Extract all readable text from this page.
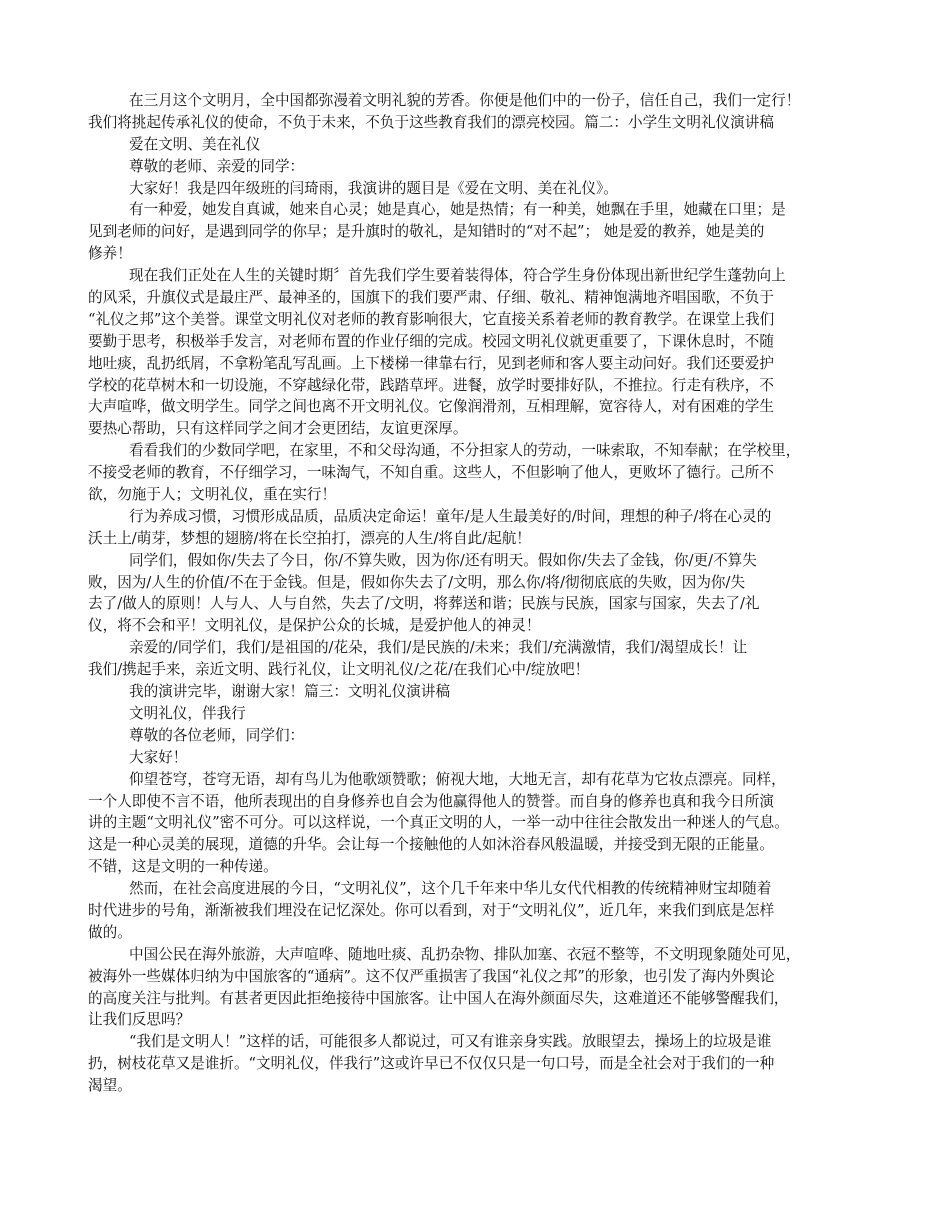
在三月这个文明月，全中国都弥漫着文明礼貌的芳香。你便是他们中的一份子，信任自己，我们一定行！
我们将挑起传承礼仪的使命，不负于未来，不负于这些教育我们的漂亮校园。篇二：小学生文明礼仪演讲稿
爱在文明、美在礼仪
尊敬的老师、亲爱的同学：
大家好！我是四年级班的闫琦雨，我演讲的题目是《爱在文明、美在礼仪》。
有一种爱，她发自真诚，她来自心灵；她是真心，她是热情；有一种美，她飘在手里，她藏在口里；是
见到老师的问好，是遇到同学的你早；是升旗时的敬礼，是知错时的“对不起”； 她是爱的教养，她是美的
修养！
现在我们正处在人生的关键时期〞首先我们学生要着装得体，符合学生身份体现出新世纪学生蓬勃向上
的风采，升旗仪式是最庄严、最神圣的，国旗下的我们要严肃、仔细、敬礼、精神饱满地齐唱国歌，不负于
“礼仪之邦”这个美誉。课堂文明礼仪对老师的教育影响很大，它直接关系着老师的教育教学。在课堂上我们
要勤于思考，积极举手发言，对老师布置的作业仔细的完成。校园文明礼仪就更重要了，下课休息时，不随
地吐痰，乱扔纸屑，不拿粉笔乱写乱画。上下楼梯一律靠右行，见到老师和客人要主动问好。我们还要爱护
学校的花草树木和一切设施，不穿越绿化带，践踏草坪。进餐，放学时要排好队，不推拉。行走有秩序，不
大声喧哗，做文明学生。同学之间也离不开文明礼仪。它像润滑剂，互相理解，宽容待人，对有困难的学生
要热心帮助，只有这样同学之间才会更团结，友谊更深厚。
看看我们的少数同学吧，在家里，不和父母沟通，不分担家人的劳动，一味索取，不知奉献；在学校里，
不接受老师的教育，不仔细学习，一味淘气，不知自重。这些人，不但影响了他人，更败坏了德行。己所不
欲，勿施于人；文明礼仪，重在实行！
行为养成习惯，习惯形成品质，品质决定命运！童年/是人生最美好的/时间，理想的种子/将在心灵的
沃土上/萌芽，梦想的翅膀/将在长空拍打，漂亮的人生/将自此/起航！
同学们，假如你/失去了今日，你/不算失败，因为你/还有明天。假如你/失去了金钱，你/更/不算失
败，因为/人生的价值/不在于金钱。但是，假如你失去了/文明，那么你/将/彻彻底底的失败，因为你/失
去了/做人的原则！人与人、人与自然，失去了/文明，将葬送和谐；民族与民族，国家与国家，失去了/礼
仪，将不会和平！文明礼仪，是保护公众的长城，是爱护他人的神灵！
亲爱的/同学们，我们/是祖国的/花朵，我们/是民族的/未来；我们/充满激情，我们/渴望成长！让
我们/携起手来，亲近文明、践行礼仪，让文明礼仪/之花/在我们心中/绽放吧！
我的演讲完毕，谢谢大家！篇三：文明礼仪演讲稿
文明礼仪，伴我行
尊敬的各位老师，同学们：
大家好！
仰望苍穹，苍穹无语，却有鸟儿为他歌颂赞歌；俯视大地，大地无言，却有花草为它妆点漂亮。同样，
一个人即使不言不语，他所表现出的自身修养也自会为他赢得他人的赞誉。而自身的修养也真和我今日所演
讲的主题“文明礼仪”密不可分。可以这样说，一个真正文明的人，一举一动中往往会散发出一种迷人的气息。
这是一种心灵美的展现，道德的升华。会让每一个接触他的人如沐浴春风般温暖，并接受到无限的正能量。
不错，这是文明的一种传递。
然而，在社会高度进展的今日，“文明礼仪”，这个几千年来中华儿女代代相教的传统精神财宝却随着
时代进步的号角，渐渐被我们埋没在记忆深处。你可以看到，对于“文明礼仪”，近几年，来我们到底是怎样
做的。
中国公民在海外旅游，大声喧哗、随地吐痰、乱扔杂物、排队加塞、衣冠不整等，不文明现象随处可见，
被海外一些媒体归纳为中国旅客的“通病”。这不仅严重损害了我国“礼仪之邦”的形象，也引发了海内外舆论
的高度关注与批判。有甚者更因此拒绝接待中国旅客。让中国人在海外颜面尽失，这难道还不能够警醒我们，
让我们反思吗？
“我们是文明人！”这样的话，可能很多人都说过，可又有谁亲身实践。放眼望去，操场上的垃圾是谁
扔，树枝花草又是谁折。“文明礼仪，伴我行”这或许早已不仅仅只是一句口号，而是全社会对于我们的一种
渴望。
